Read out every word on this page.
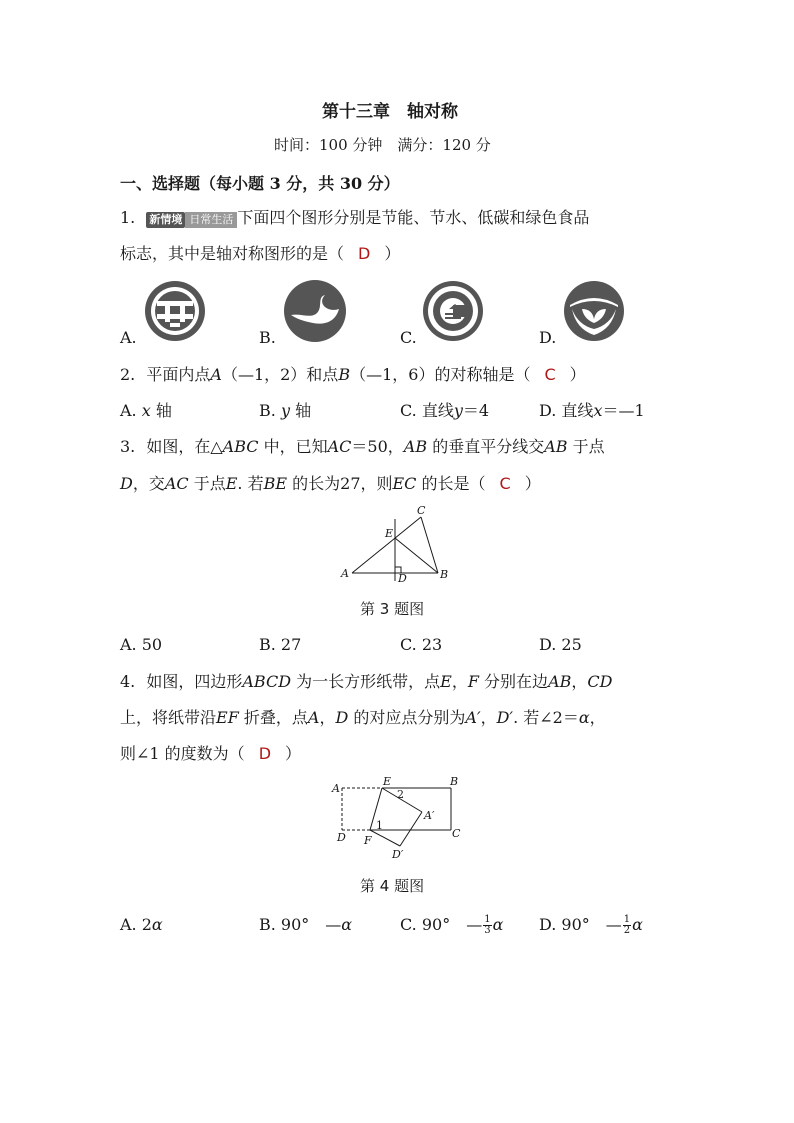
第十三章　轴对称
时间：100 分钟　满分：120 分
一、选择题（每小题 3 分，共 30 分）
1. 新情境 日常生活 下面四个图形分别是节能、节水、低碳和绿色食品
标志，其中是轴对称图形的是（ D ）
A.	B.	C.	D.
2. 平面内点A（—1，2）和点B（—1，6）的对称轴是（ C ）
A. x 轴	B. y 轴	C. 直线y＝4	D. 直线x＝—1
3. 如图，在△ABC 中，已知AC＝50，AB 的垂直平分线交AB 于点
D，交AC 于点E. 若BE 的长为27，则EC 的长是（ C ）
A	B
C
D
E
第 3 题图
A. 50	B. 27	C. 23	D. 25
4. 如图，四边形ABCD 为一长方形纸带，点E，F 分别在边AB，CD
上，将纸带沿EF 折叠，点A，D 的对应点分别为A′，D′. 若∠2＝α，
则∠1 的度数为（ D ）
A
B
C
D
E
F
A′
D′
1
2
第 4 题图
A. 2α	B. 90°　—α	C. 90°　— $\frac{1}{3}$ α D. 90°　— $\frac{1}{2}$ α
